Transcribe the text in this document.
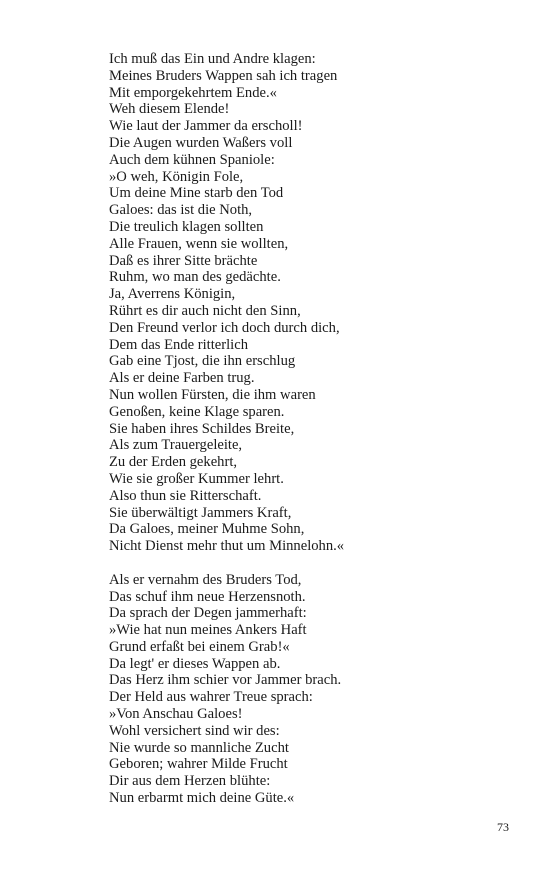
Ich muß das Ein und Andre klagen:
Meines Bruders Wappen sah ich tragen
Mit emporgekehrtem Ende.«
Weh diesem Elende!
Wie laut der Jammer da erscholl!
Die Augen wurden Waßers voll
Auch dem kühnen Spaniole:
»O weh, Königin Fole,
Um deine Mine starb den Tod
Galoes: das ist die Noth,
Die treulich klagen sollten
Alle Frauen, wenn sie wollten,
Daß es ihrer Sitte brächte
Ruhm, wo man des gedächte.
Ja, Averrens Königin,
Rührt es dir auch nicht den Sinn,
Den Freund verlor ich doch durch dich,
Dem das Ende ritterlich
Gab eine Tjost, die ihn erschlug
Als er deine Farben trug.
Nun wollen Fürsten, die ihm waren
Genoßen, keine Klage sparen.
Sie haben ihres Schildes Breite,
Als zum Trauergeleite,
Zu der Erden gekehrt,
Wie sie großer Kummer lehrt.
Also thun sie Ritterschaft.
Sie überwältigt Jammers Kraft,
Da Galoes, meiner Muhme Sohn,
Nicht Dienst mehr thut um Minnelohn.«
Als er vernahm des Bruders Tod,
Das schuf ihm neue Herzensnoth.
Da sprach der Degen jammerhaft:
»Wie hat nun meines Ankers Haft
Grund erfaßt bei einem Grab!«
Da legt' er dieses Wappen ab.
Das Herz ihm schier vor Jammer brach.
Der Held aus wahrer Treue sprach:
»Von Anschau Galoes!
Wohl versichert sind wir des:
Nie wurde so mannliche Zucht
Geboren; wahrer Milde Frucht
Dir aus dem Herzen blühte:
Nun erbarmt mich deine Güte.«
73
